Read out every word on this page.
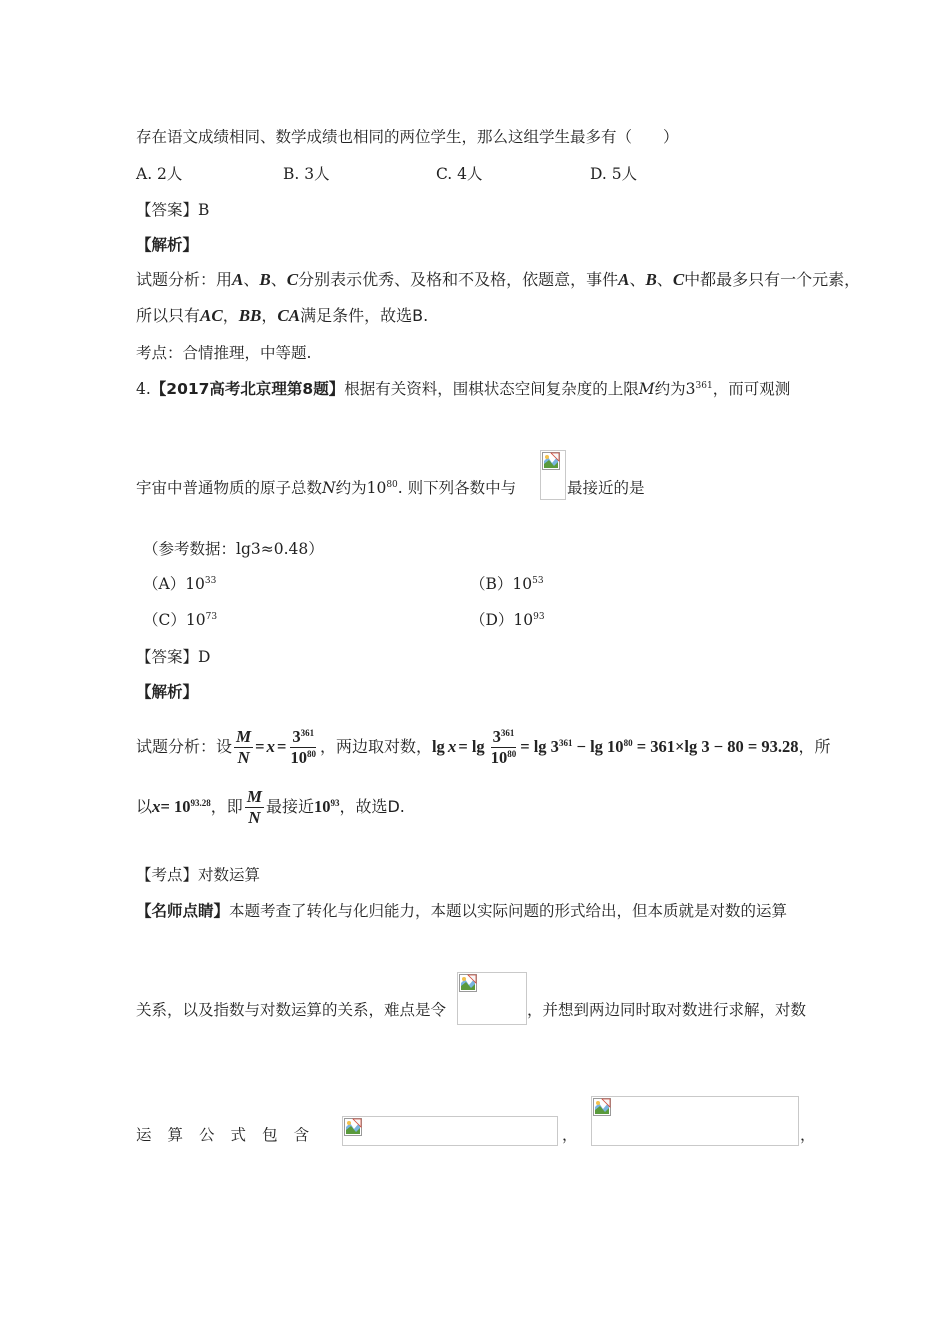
存在语文成绩相同、数学成绩也相同的两位学生，那么这组学生最多有（　　）
A. 2人	B. 3人	C. 4人	D. 5人
【答案】B
【解析】
试题分析：用A、B、C分别表示优秀、及格和不及格，依题意，事件A、B、C中都最多只有一个元素，
所以只有AC，BB，CA满足条件，故选B.
考点：合情推理，中等题.
4.【2017高考北京理第8题】根据有关资料，围棋状态空间复杂度的上限M约为$3^{361}$，而可观测
宇宙中普通物质的原子总数N约为$10^{80}$. 则下列各数中与	最接近的是
（参考数据：lg3≈0.48）
$(A)10^{33}$	$(B)10^{53}$
$(C)10^{73}$	$(D)10^{93}$
【答案】D
【解析】
试题分析：设 $\frac{M}{N} = x = \frac{3^{361}}{10^{80}}$ ，两边取对数， $\lg x = \lg \frac{3^{361}}{10^{80}} = \lg 3^{361} - \lg 10^{80} = 361\times\lg$ 3 − 80 = 93.28 ，所
以 $x = 10^{93.28}$ ，即 $\frac{M}{N}$ 最接近 $10^{93}$ ，故选D.
【考点】对数运算
【名师点睛】本题考查了转化与化归能力，本题以实际问题的形式给出，但本质就是对数的运算
关系，以及指数与对数运算的关系，难点是令	，并想到两边同时取对数进行求解，对数
运 算 公 式 包 含	，	，
